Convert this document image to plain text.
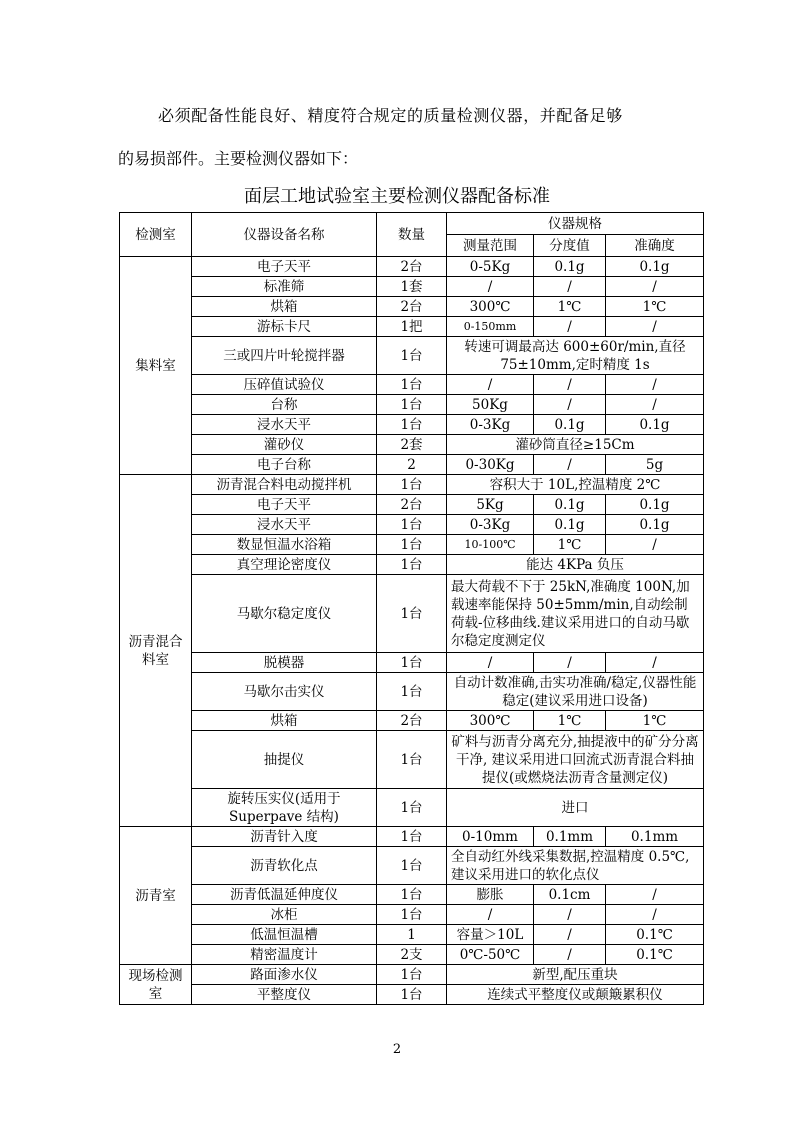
必须配备性能良好、精度符合规定的质量检测仪器，并配备足够
的易损部件。主要检测仪器如下：
面层工地试验室主要检测仪器配备标准
检测室	仪器设备名称	数量	仪器规格		
			测量范围	分度值	准确度
集料室	电子天平	2台	0-5Kg	0.1g	0.1g
	标准筛	1套	/	/	/
	烘箱	2台	300℃	1℃	1℃
	游标卡尺	1把	0-150mm	/	/
	三或四片叶轮搅拌器	1台	转速可调最高达 600±60r/min,直径 75±10mm,定时精度 1s		
	压碎值试验仪	1台	/	/	/
	台称	1台	50Kg	/	/
	浸水天平	1台	0-3Kg	0.1g	0.1g
	灌砂仪	2套	灌砂筒直径≥15Cm		
	电子台称	2	0-30Kg	/	5g
沥青混合料室	沥青混合料电动搅拌机	1台	容积大于 10L,控温精度 2℃		
	电子天平	2台	5Kg	0.1g	0.1g
	浸水天平	1台	0-3Kg	0.1g	0.1g
	数显恒温水浴箱	1台	10-100℃	1℃	/
	真空理论密度仪	1台	能达 4KPa 负压		
	马歇尔稳定度仪	1台	最大荷载不下于 25kN,准确度 100N,加载速率能保持 50±5mm/min,自动绘制荷载-位移曲线.建议采用进口的自动马歇尔稳定度测定仪		
	脱模器	1台	/	/	/
	马歇尔击实仪	1台	自动计数准确,击实功准确/稳定,仪器性能稳定(建议采用进口设备)		
	烘箱	2台	300℃	1℃	1℃
	抽提仪	1台	矿料与沥青分离充分,抽提液中的矿分分离干净, 建议采用进口回流式沥青混合料抽提仪(或燃烧法沥青含量测定仪)		
	旋转压实仪(适用于 Superpave 结构)	1台	进口		
沥青室	沥青针入度	1台	0-10mm	0.1mm	0.1mm
	沥青软化点	1台	全自动红外线采集数据,控温精度 0.5℃,建议采用进口的软化点仪		
	沥青低温延伸度仪	1台	膨胀	0.1cm	/
	冰柜	1台	/	/	/
	低温恒温槽	1	容量＞10L	/	0.1℃
	精密温度计	2支	0℃-50℃	/	0.1℃
现场检测室	路面渗水仪	1台	新型,配压重块		
	平整度仪	1台	连续式平整度仪或颠簸累积仪		
2
